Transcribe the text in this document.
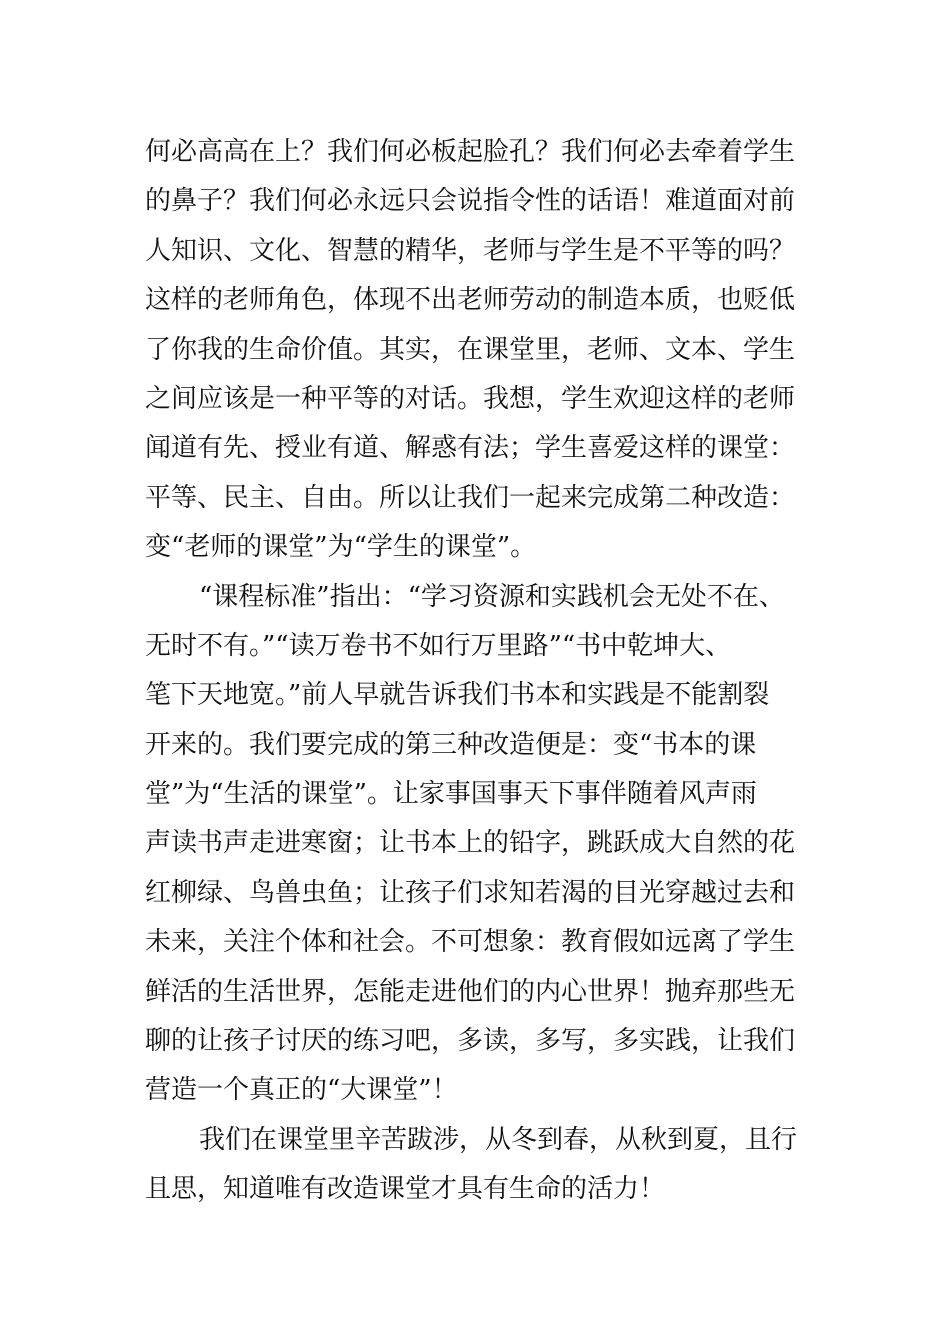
何必高高在上？我们何必板起脸孔？我们何必去牵着学生
的鼻子？我们何必永远只会说指令性的话语！难道面对前
人知识、文化、智慧的精华，老师与学生是不平等的吗？
这样的老师角色，体现不出老师劳动的制造本质，也贬低
了你我的生命价值。其实，在课堂里，老师、文本、学生
之间应该是一种平等的对话。我想，学生欢迎这样的老师
闻道有先、授业有道、解惑有法；学生喜爱这样的课堂：
平等、民主、自由。所以让我们一起来完成第二种改造：
变“老师的课堂”为“学生的课堂”。
“课程标准”指出：“学习资源和实践机会无处不在、
无时不有。”“读万卷书不如行万里路”“书中乾坤大、
笔下天地宽。”前人早就告诉我们书本和实践是不能割裂
开来的。我们要完成的第三种改造便是：变“书本的课
堂”为“生活的课堂”。让家事国事天下事伴随着风声雨
声读书声走进寒窗；让书本上的铅字，跳跃成大自然的花
红柳绿、鸟兽虫鱼；让孩子们求知若渴的目光穿越过去和
未来，关注个体和社会。不可想象：教育假如远离了学生
鲜活的生活世界，怎能走进他们的内心世界！抛弃那些无
聊的让孩子讨厌的练习吧，多读，多写，多实践，让我们
营造一个真正的“大课堂”！
我们在课堂里辛苦跋涉，从冬到春，从秋到夏，且行
且思，知道唯有改造课堂才具有生命的活力！
